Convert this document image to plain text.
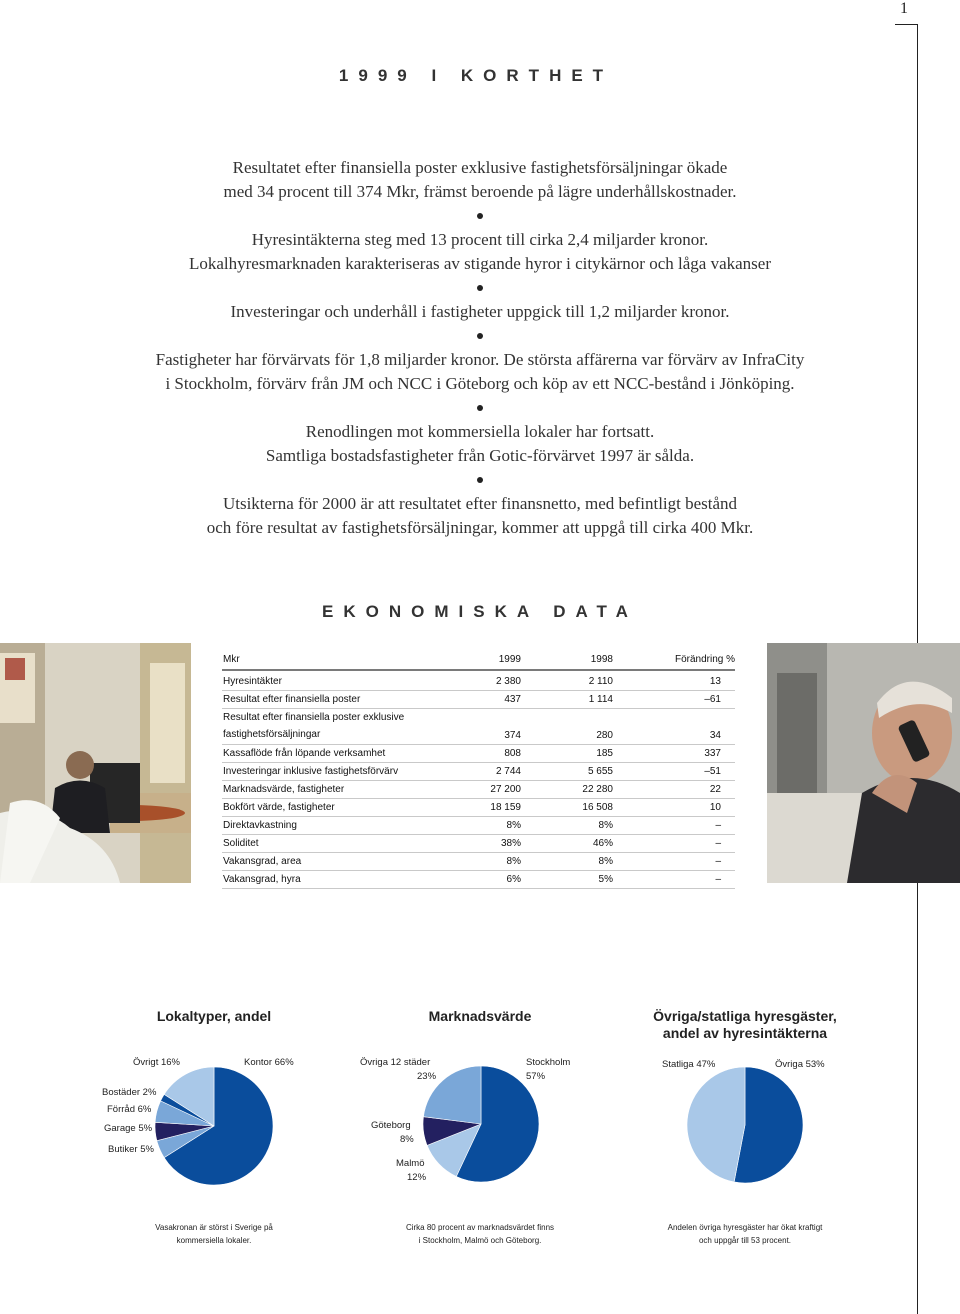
1
1999 I KORTHET
Resultatet efter finansiella poster exklusive fastighetsförsäljningar ökade
med 34 procent till 374 Mkr, främst beroende på lägre underhållskostnader.
Hyresintäkterna steg med 13 procent till cirka 2,4 miljarder kronor.
Lokalhyresmarknaden karakteriseras av stigande hyror i citykärnor och låga vakanser
Investeringar och underhåll i fastigheter uppgick till 1,2 miljarder kronor.
Fastigheter har förvärvats för 1,8 miljarder kronor. De största affärerna var förvärv av InfraCity
i Stockholm, förvärv från JM och NCC i Göteborg och köp av ett NCC-bestånd i Jönköping.
Renodlingen mot kommersiella lokaler har fortsatt.
Samtliga bostadsfastigheter från Gotic-förvärvet 1997 är sålda.
Utsikterna för 2000 är att resultatet efter finansnetto, med befintligt bestånd
och före resultat av fastighetsförsäljningar, kommer att uppgå till cirka 400 Mkr.
EKONOMISKA DATA
Mkr	1999	1998	Förändring %
Hyresintäkter	2 380	2 110	13
Resultat efter finansiella poster	437	1 114	–61
Resultat efter finansiella poster exklusive fastighetsförsäljningar	374	280	34
Kassaflöde från löpande verksamhet	808	185	337
Investeringar inklusive fastighetsförvärv	2 744	5 655	–51
Marknadsvärde, fastigheter	27 200	22 280	22
Bokfört värde, fastigheter	18 159	16 508	10
Direktavkastning	8%	8%	–
Soliditet	38%	46%	–
Vakansgrad, area	8%	8%	–
Vakansgrad, hyra	6%	5%	–
Lokaltyper, andel
Övrigt 16%	Kontor 66%
Bostäder 2%
Förråd 6%
Garage 5%
Butiker 5%
Vasakronan är störst i Sverige på
kommersiella lokaler.
Marknadsvärde
Övriga 12 städer
23%
Stockholm
57%
Göteborg
8%
Malmö
12%
Cirka 80 procent av marknadsvärdet finns
i Stockholm, Malmö och Göteborg.
Övriga/statliga hyresgäster,
andel av hyresintäkterna
Statliga 47%	Övriga 53%
Andelen övriga hyresgäster har ökat kraftigt
och uppgår till 53 procent.
